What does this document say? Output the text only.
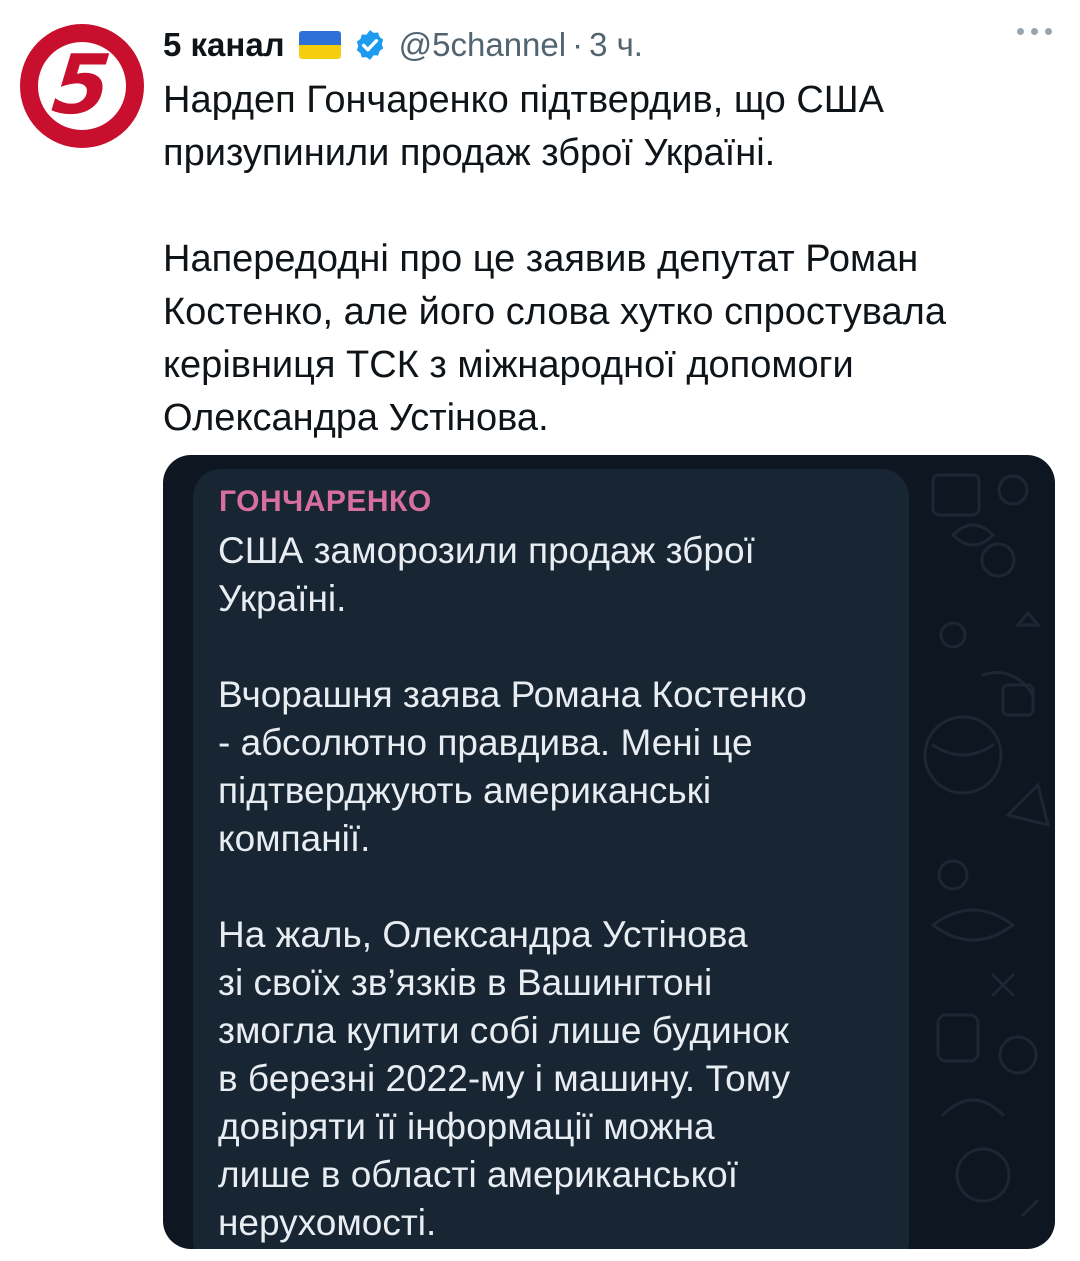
5 5 канал	@5channel · 3 ч.

Нардеп Гончаренко підтвердив, що США

призупинили продаж зброї Україні.

Напередодні про це заявив депутат Роман

Костенко, але його слова хутко спростувала

керівниця ТСК з міжнародної допомоги

Олександра Устінова.

ГОНЧАРЕНКО

США заморозили продаж зброї

Україні.

Вчорашня заява Романа Костенко

- абсолютно правдива. Мені це

підтверджують американські

компанії.

На жаль, Олександра Устінова

зі своїх зв’язків в Вашингтоні

змогла купити собі лише будинок

в березні 2022-му і машину. Тому

довіряти її інформації можна

лише в області американської

нерухомості.
